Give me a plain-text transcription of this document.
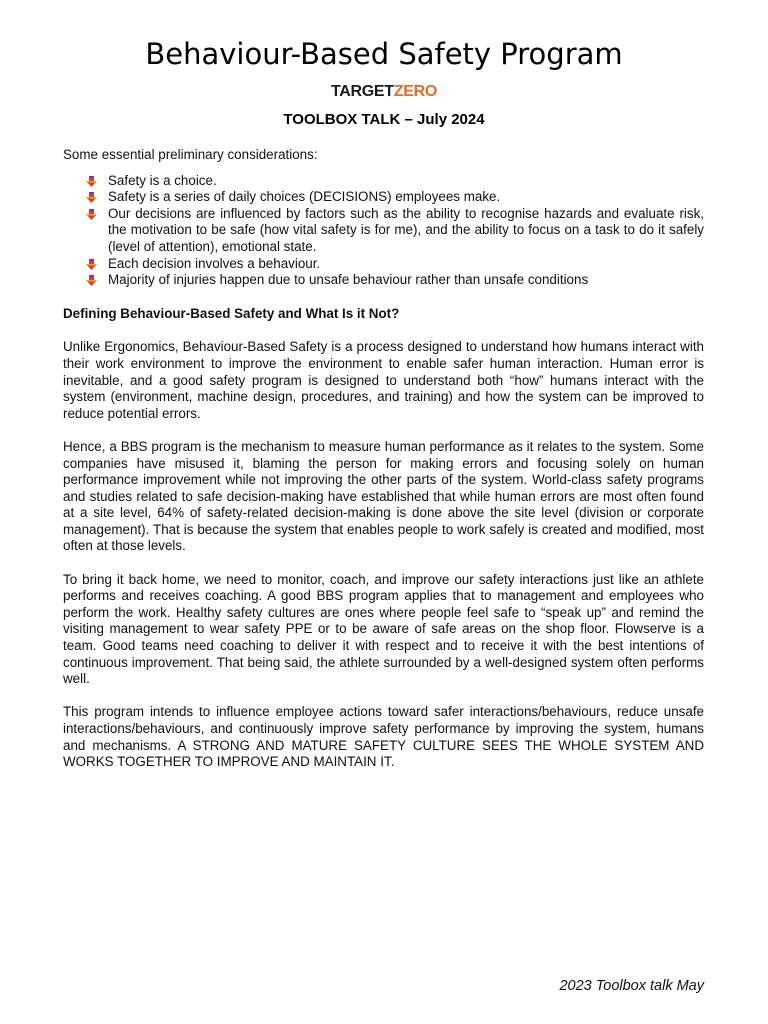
Behaviour-Based Safety Program
TARGETZERO
TOOLBOX TALK – July 2024

Some essential preliminary considerations:

Safety is a choice.
Safety is a series of daily choices (DECISIONS) employees make.
Our decisions are influenced by factors such as the ability to recognise hazards and evaluate risk, the motivation to be safe (how vital safety is for me), and the ability to focus on a task to do it safely (level of attention), emotional state.
Each decision involves a behaviour.
Majority of injuries happen due to unsafe behaviour rather than unsafe conditions

Defining Behaviour-Based Safety and What Is it Not?

Unlike Ergonomics, Behaviour-Based Safety is a process designed to understand how humans interact with their work environment to improve the environment to enable safer human interaction. Human error is inevitable, and a good safety program is designed to understand both “how” humans interact with the system (environment, machine design, procedures, and training) and how the system can be improved to reduce potential errors.

Hence, a BBS program is the mechanism to measure human performance as it relates to the system. Some companies have misused it, blaming the person for making errors and focusing solely on human performance improvement while not improving the other parts of the system. World-class safety programs and studies related to safe decision-making have established that while human errors are most often found at a site level, 64% of safety-related decision-making is done above the site level (division or corporate management). That is because the system that enables people to work safely is created and modified, most often at those levels.

To bring it back home, we need to monitor, coach, and improve our safety interactions just like an athlete performs and receives coaching. A good BBS program applies that to management and employees who perform the work. Healthy safety cultures are ones where people feel safe to “speak up” and remind the visiting management to wear safety PPE or to be aware of safe areas on the shop floor. Flowserve is a team. Good teams need coaching to deliver it with respect and to receive it with the best intentions of continuous improvement. That being said, the athlete surrounded by a well-designed system often performs well.

This program intends to influence employee actions toward safer interactions/behaviours, reduce unsafe interactions/behaviours, and continuously improve safety performance by improving the system, humans and mechanisms. A STRONG AND MATURE SAFETY CULTURE SEES THE WHOLE SYSTEM AND WORKS TOGETHER TO IMPROVE AND MAINTAIN IT.

2023 Toolbox talk May
